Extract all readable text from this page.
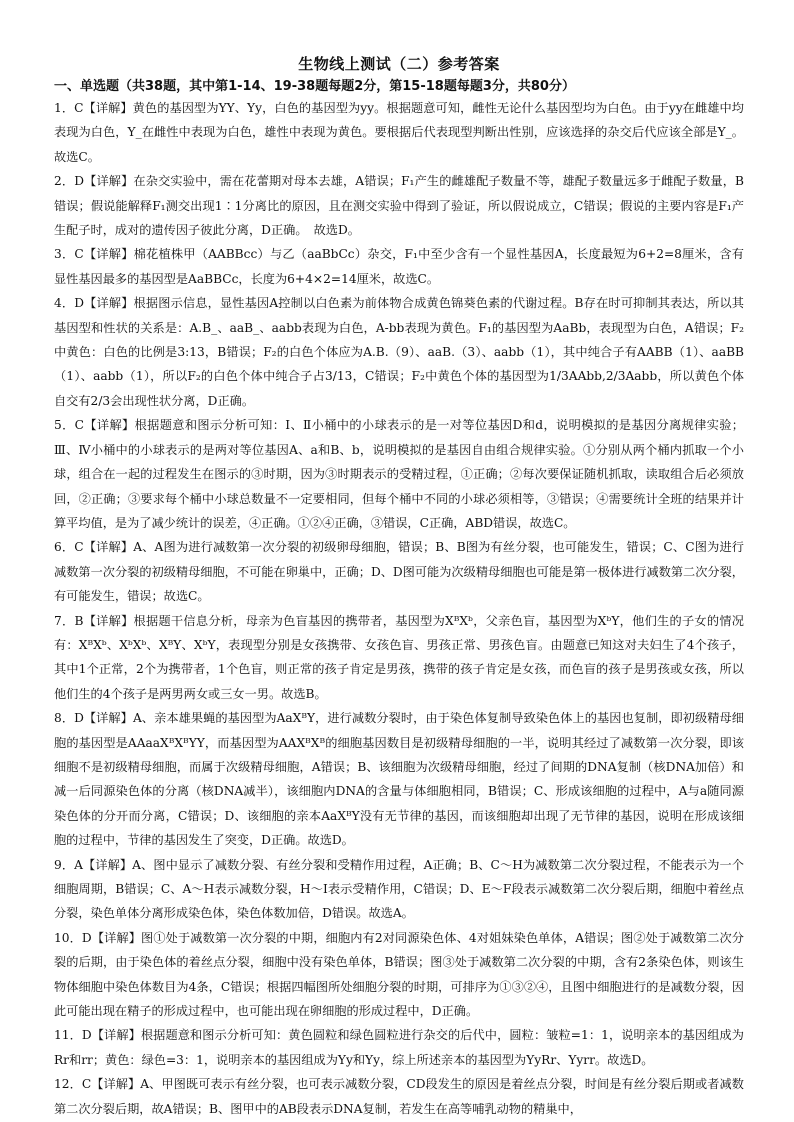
生物线上测试（二）参考答案

一、单选题（共38题，其中第1-14、19-38题每题2分，第15-18题每题3分，共80分）

1．C【详解】黄色的基因型为YY、Yy，白色的基因型为yy。根据题意可知，雌性无论什么基因型均为白色。由于yy在雌雄中均表现为白色，Y_在雌性中表现为白色，雄性中表现为黄色。要根据后代表现型判断出性别，应该选择的杂交后代应该全部是Y_。故选C。

2．D【详解】在杂交实验中，需在花蕾期对母本去雄，A错误；F₁产生的雌雄配子数量不等，雄配子数量远多于雌配子数量，B错误；假说能解释F₁测交出现1∶1分离比的原因，且在测交实验中得到了验证，所以假说成立，C错误；假说的主要内容是F₁产生配子时，成对的遗传因子彼此分离，D正确。　故选D。

3．C【详解】棉花植株甲（AABBcc）与乙（aaBbCc）杂交，F₁中至少含有一个显性基因A，长度最短为6+2=8厘米，含有显性基因最多的基因型是AaBBCc，长度为6+4×2=14厘米，故选C。

4．D【详解】根据图示信息，显性基因A控制以白色素为前体物合成黄色锦葵色素的代谢过程。B存在时可抑制其表达，所以其基因型和性状的关系是：A.B_、aaB_、aabb表现为白色，A-bb表现为黄色。F₁的基因型为AaBb，表现型为白色，A错误；F₂中黄色：白色的比例是3:13，B错误；F₂的白色个体应为A.B.（9）、aaB.（3）、aabb（1），其中纯合子有AABB（1）、aaBB（1）、aabb（1），所以F₂的白色个体中纯合子占3/13，C错误；F₂中黄色个体的基因型为1/3AAbb,2/3Aabb，所以黄色个体自交有2/3会出现性状分离，D正确。

5．C【详解】根据题意和图示分析可知：Ⅰ、Ⅱ小桶中的小球表示的是一对等位基因D和d，说明模拟的是基因分离规律实验；Ⅲ、Ⅳ小桶中的小球表示的是两对等位基因A、a和B、b，说明模拟的是基因自由组合规律实验。①分别从两个桶内抓取一个小球，组合在一起的过程发生在图示的③时期，因为③时期表示的受精过程，①正确；②每次要保证随机抓取，读取组合后必须放回，②正确；③要求每个桶中小球总数量不一定要相同，但每个桶中不同的小球必须相等，③错误；④需要统计全班的结果并计算平均值，是为了减少统计的误差，④正确。①②④正确，③错误，C正确，ABD错误，故选C。

6．C【详解】A、A图为进行减数第一次分裂的初级卵母细胞，错误；B、B图为有丝分裂，也可能发生，错误；C、C图为进行减数第一次分裂的初级精母细胞，不可能在卵巢中，正确；D、D图可能为次级精母细胞也可能是第一极体进行减数第二次分裂，有可能发生，错误；故选C。

7．B【详解】根据题干信息分析，母亲为色盲基因的携带者，基因型为XᴮXᵇ，父亲色盲，基因型为XᵇY，他们生的子女的情况有：XᴮXᵇ、XᵇXᵇ、XᴮY、XᵇY，表现型分别是女孩携带、女孩色盲、男孩正常、男孩色盲。由题意已知这对夫妇生了4个孩子，其中1个正常，2个为携带者，1个色盲，则正常的孩子肯定是男孩，携带的孩子肯定是女孩，而色盲的孩子是男孩或女孩，所以他们生的4个孩子是两男两女或三女一男。故选B。

8．D【详解】A、亲本雄果蝇的基因型为AaXᴮY，进行减数分裂时，由于染色体复制导致染色体上的基因也复制，即初级精母细胞的基因型是AAaaXᴮXᴮYY，而基因型为AAXᴮXᴮ的细胞基因数目是初级精母细胞的一半，说明其经过了减数第一次分裂，即该细胞不是初级精母细胞，而属于次级精母细胞，A错误；B、该细胞为次级精母细胞，经过了间期的DNA复制（核DNA加倍）和减一后同源染色体的分离（核DNA减半），该细胞内DNA的含量与体细胞相同，B错误；C、形成该细胞的过程中，A与a随同源染色体的分开而分离，C错误；D、该细胞的亲本AaXᴮY没有无节律的基因，而该细胞却出现了无节律的基因，说明在形成该细胞的过程中，节律的基因发生了突变，D正确。故选D。

9．A【详解】A、图中显示了减数分裂、有丝分裂和受精作用过程，A正确；B、C～H为减数第二次分裂过程，不能表示为一个细胞周期，B错误；C、A～H表示减数分裂，H～I表示受精作用，C错误；D、E～F段表示减数第二次分裂后期，细胞中着丝点分裂，染色单体分离形成染色体，染色体数加倍，D错误。故选A。

10．D【详解】图①处于减数第一次分裂的中期，细胞内有2对同源染色体、4对姐妹染色单体，A错误；图②处于减数第二次分裂的后期，由于染色体的着丝点分裂，细胞中没有染色单体，B错误；图③处于减数第二次分裂的中期，含有2条染色体，则该生物体细胞中染色体数目为4条，C错误；根据四幅图所处细胞分裂的时期，可排序为①③②④，且图中细胞进行的是减数分裂，因此可能出现在精子的形成过程中，也可能出现在卵细胞的形成过程中，D正确。

11．D【详解】根据题意和图示分析可知：黄色圆粒和绿色圆粒进行杂交的后代中，圆粒：皱粒=1：1，说明亲本的基因组成为Rr和rr；黄色：绿色=3：1，说明亲本的基因组成为Yy和Yy，综上所述亲本的基因型为YyRr、Yyrr。故选D。

12．C【详解】A、甲图既可表示有丝分裂，也可表示减数分裂，CD段发生的原因是着丝点分裂，时间是有丝分裂后期或者减数第二次分裂后期，故A错误；B、图甲中的AB段表示DNA复制，若发生在高等哺乳动物的精巢中，
